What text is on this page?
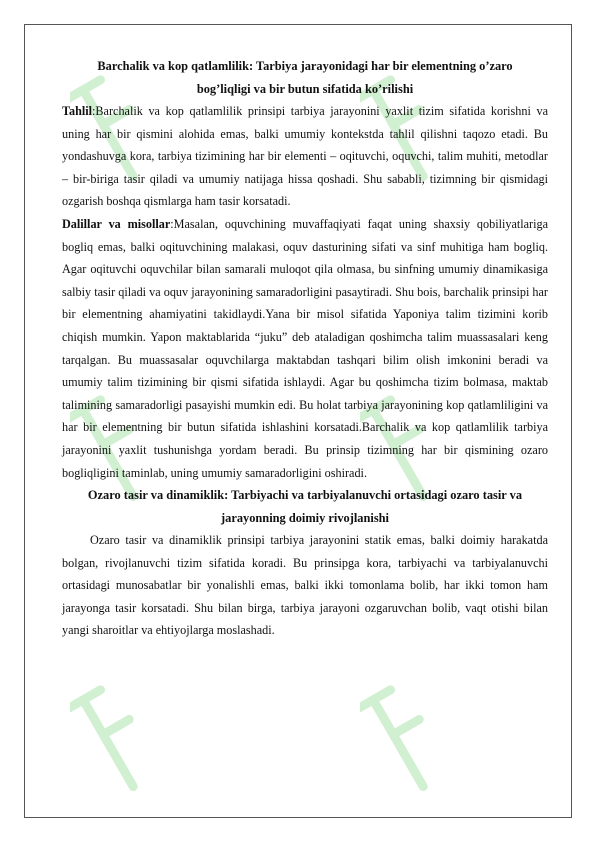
Barchalik va kop qatlamlilik: Tarbiya jarayonidagi har bir elementning o’zaro
bog’liqligi va bir butun sifatida ko’rilishi

Tahlil:Barchalik va kop qatlamlilik prinsipi tarbiya jarayonini yaxlit tizim sifatida korishni va uning har bir qismini alohida emas, balki umumiy kontekstda tahlil qilishni taqozo etadi. Bu yondashuvga kora, tarbiya tizimining har bir elementi – oqituvchi, oquvchi, talim muhiti, metodlar – bir-biriga tasir qiladi va umumiy natijaga hissa qoshadi. Shu sababli, tizimning bir qismidagi ozgarish boshqa qismlarga ham tasir korsatadi.

Dalillar va misollar:Masalan, oquvchining muvaffaqiyati faqat uning shaxsiy qobiliyatlariga bogliq emas, balki oqituvchining malakasi, oquv dasturining sifati va sinf muhitiga ham bogliq. Agar oqituvchi oquvchilar bilan samarali muloqot qila olmasa, bu sinfning umumiy dinamikasiga salbiy tasir qiladi va oquv jarayonining samaradorligini pasaytiradi. Shu bois, barchalik prinsipi har bir elementning ahamiyatini takidlaydi.Yana bir misol sifatida Yaponiya talim tizimini korib chiqish mumkin. Yapon maktablarida “juku” deb ataladigan qoshimcha talim muassasalari keng tarqalgan. Bu muassasalar oquvchilarga maktabdan tashqari bilim olish imkonini beradi va umumiy talim tizimining bir qismi sifatida ishlaydi. Agar bu qoshimcha tizim bolmasa, maktab talimining samaradorligi pasayishi mumkin edi. Bu holat tarbiya jarayonining kop qatlamliligini va har bir elementning bir butun sifatida ishlashini korsatadi.Barchalik va kop qatlamlilik tarbiya jarayonini yaxlit tushunishga yordam beradi. Bu prinsip tizimning har bir qismining ozaro bogliqligini taminlab, uning umumiy samaradorligini oshiradi.

Ozaro tasir va dinamiklik: Tarbiyachi va tarbiyalanuvchi ortasidagi ozaro tasir va
jarayonning doimiy rivojlanishi

Ozaro tasir va dinamiklik prinsipi tarbiya jarayonini statik emas, balki doimiy harakatda bolgan, rivojlanuvchi tizim sifatida koradi. Bu prinsipga kora, tarbiyachi va tarbiyalanuvchi ortasidagi munosabatlar bir yonalishli emas, balki ikki tomonlama bolib, har ikki tomon ham jarayonga tasir korsatadi. Shu bilan birga, tarbiya jarayoni ozgaruvchan bolib, vaqt otishi bilan yangi sharoitlar va ehtiyojlarga moslashadi.
